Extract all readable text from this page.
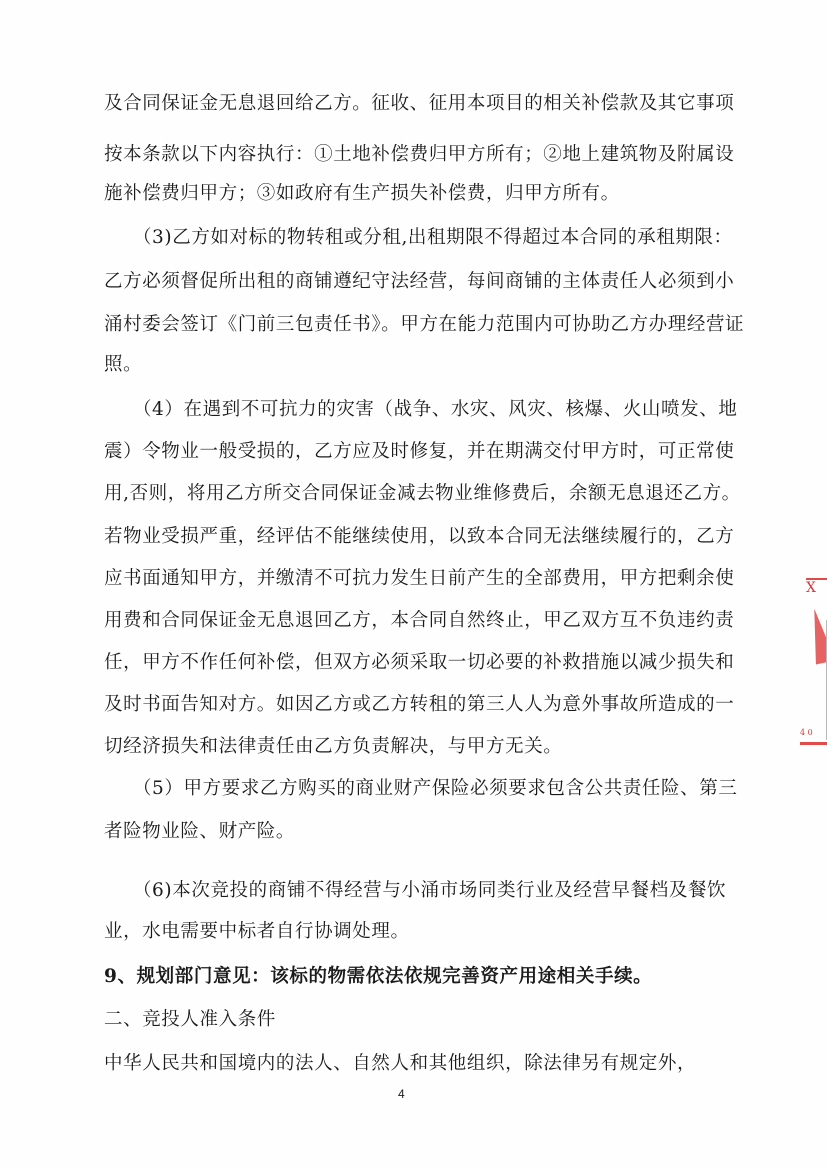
及合同保证金无息退回给乙方。征收、征用本项目的相关补偿款及其它事项
按本条款以下内容执行：①土地补偿费归甲方所有；②地上建筑物及附属设
施补偿费归甲方；③如政府有生产损失补偿费，归甲方所有。
　　（3)乙方如对标的物转租或分租,出租期限不得超过本合同的承租期限：
乙方必须督促所出租的商铺遵纪守法经营，每间商铺的主体责任人必须到小
涌村委会签订《门前三包责任书》。甲方在能力范围内可协助乙方办理经营证
照。
　　（4）在遇到不可抗力的灾害（战争、水灾、风灾、核爆、火山喷发、地
震）令物业一般受损的，乙方应及时修复，并在期满交付甲方时，可正常使
用,否则，将用乙方所交合同保证金减去物业维修费后，余额无息退还乙方。
若物业受损严重，经评估不能继续使用，以致本合同无法继续履行的，乙方
应书面通知甲方，并缴清不可抗力发生日前产生的全部费用，甲方把剩余使
用费和合同保证金无息退回乙方，本合同自然终止，甲乙双方互不负违约责
任，甲方不作任何补偿，但双方必须采取一切必要的补救措施以减少损失和
及时书面告知对方。如因乙方或乙方转租的第三人人为意外事故所造成的一
切经济损失和法律责任由乙方负责解决，与甲方无关。
　　（5）甲方要求乙方购买的商业财产保险必须要求包含公共责任险、第三
者险物业险、财产险。
　　（6)本次竞投的商铺不得经营与小涌市场同类行业及经营早餐档及餐饮
业，水电需要中标者自行协调处理。
9、规划部门意见：该标的物需依法依规完善资产用途相关手续。
二、竞投人准入条件
中华人民共和国境内的法人、自然人和其他组织，除法律另有规定外，
4
X
4 0
